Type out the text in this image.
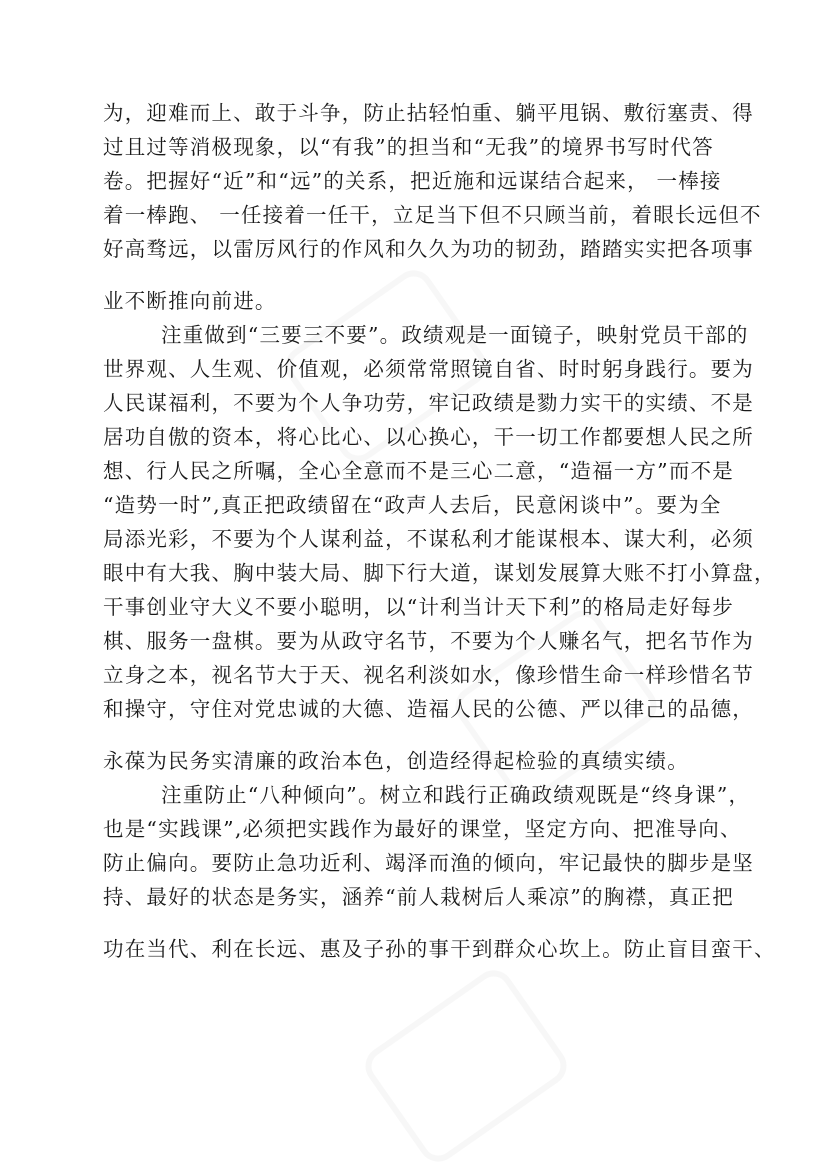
为，迎难而上、敢于斗争，防止拈轻怕重、躺平甩锅、敷衍塞责、得
过且过等消极现象，以“有我”的担当和“无我”的境界书写时代答
卷。把握好“近”和“远”的关系，把近施和远谋结合起来， 一棒接
着一棒跑、 一任接着一任干，立足当下但不只顾当前，着眼长远但不
好高骛远，以雷厉风行的作风和久久为功的韧劲，踏踏实实把各项事
业不断推向前进。
注重做到“三要三不要”。政绩观是一面镜子，映射党员干部的
世界观、人生观、价值观，必须常常照镜自省、时时躬身践行。要为
人民谋福利，不要为个人争功劳，牢记政绩是勠力实干的实绩、不是
居功自傲的资本，将心比心、以心换心，干一切工作都要想人民之所
想、行人民之所嘱，全心全意而不是三心二意，“造福一方”而不是
“造势一时”,真正把政绩留在“政声人去后，民意闲谈中”。要为全
局添光彩，不要为个人谋利益，不谋私利才能谋根本、谋大利，必须
眼中有大我、胸中装大局、脚下行大道，谋划发展算大账不打小算盘，
干事创业守大义不要小聪明，以“计利当计天下利”的格局走好每步
棋、服务一盘棋。要为从政守名节，不要为个人赚名气，把名节作为
立身之本，视名节大于天、视名利淡如水，像珍惜生命一样珍惜名节
和操守，守住对党忠诚的大德、造福人民的公德、严以律己的品德，
永葆为民务实清廉的政治本色，创造经得起检验的真绩实绩。
注重防止“八种倾向”。树立和践行正确政绩观既是“终身课”，
也是“实践课”,必须把实践作为最好的课堂，坚定方向、把准导向、
防止偏向。要防止急功近利、竭泽而渔的倾向，牢记最快的脚步是坚
持、最好的状态是务实，涵养“前人栽树后人乘凉”的胸襟，真正把
功在当代、利在长远、惠及子孙的事干到群众心坎上。防止盲目蛮干、
